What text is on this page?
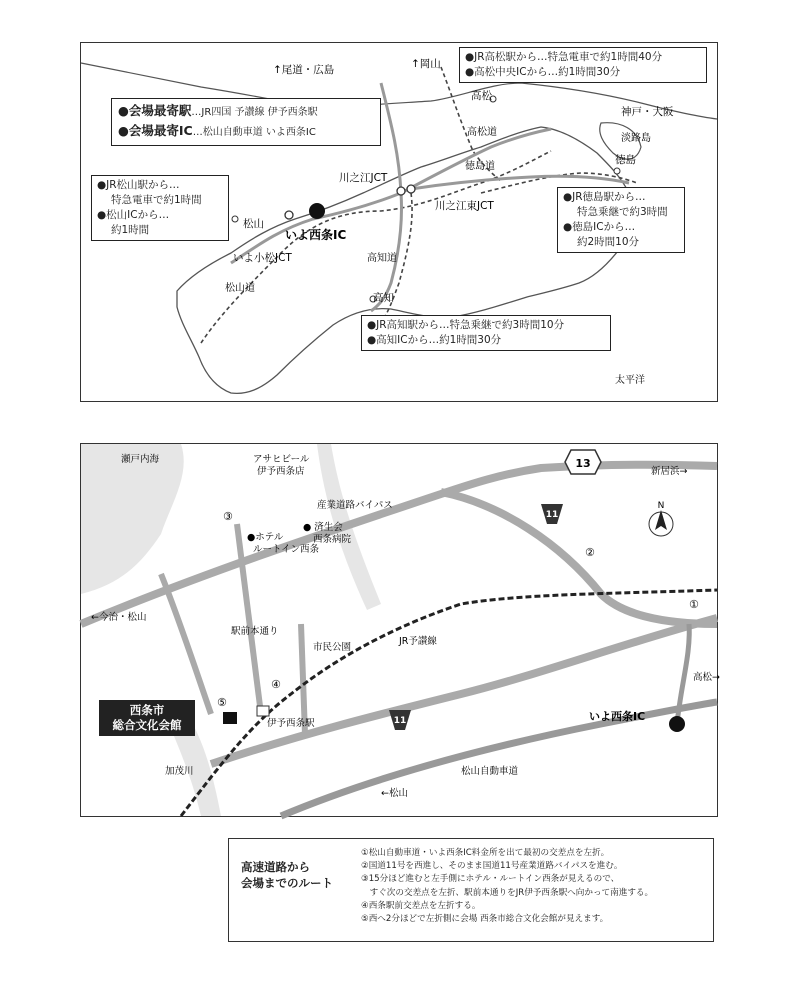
↑尾道・広島	↑岡山
高松
神戸・大阪
淡路島
徳島
高松道
徳島道
川之江JCT
川之江東JCT
いよ西条IC
松山
いよ小松JCT
松山道
高知道
高知
太平洋
●会場最寄駅…JR四国 予讃線 伊予西条駅
●会場最寄IC…松山自動車道 いよ西条IC
●JR松山駅から…
特急電車で約1時間
●松山ICから…
約1時間
●JR高松駅から…特急電車で約1時間40分
●高松中央ICから…約1時間30分
●JR徳島駅から…
特急乗継で約3時間
●徳島ICから…
約2時間10分
●JR高知駅から…特急乗継で約3時間10分
●高知ICから…約1時間30分
13
11
11
N
瀬戸内海	アサヒビール
伊予西条店
産業道路バイパス
新居浜→
●ホテル
ルートイン西条
● 済生会
西条病院
←今治・松山
駅前本通り
市民公園
JR予讃線
伊予西条駅
いよ西条IC
加茂川	松山自動車道
←松山
高松→
①
②
③
④
⑤
西条市
総合文化会館
高速道路から
会場までのルート
①松山自動車道・いよ西条IC料金所を出て最初の交差点を左折。
②国道11号を西進し、そのまま国道11号産業道路バイパスを進む。
③15分ほど進むと左手側にホテル・ルートイン西条が見えるので、
　すぐ次の交差点を左折、駅前本通りをJR伊予西条駅へ向かって南進する。
④西条駅前交差点を左折する。
⑤西へ2分ほどで左折側に会場 西条市総合文化会館が見えます。
